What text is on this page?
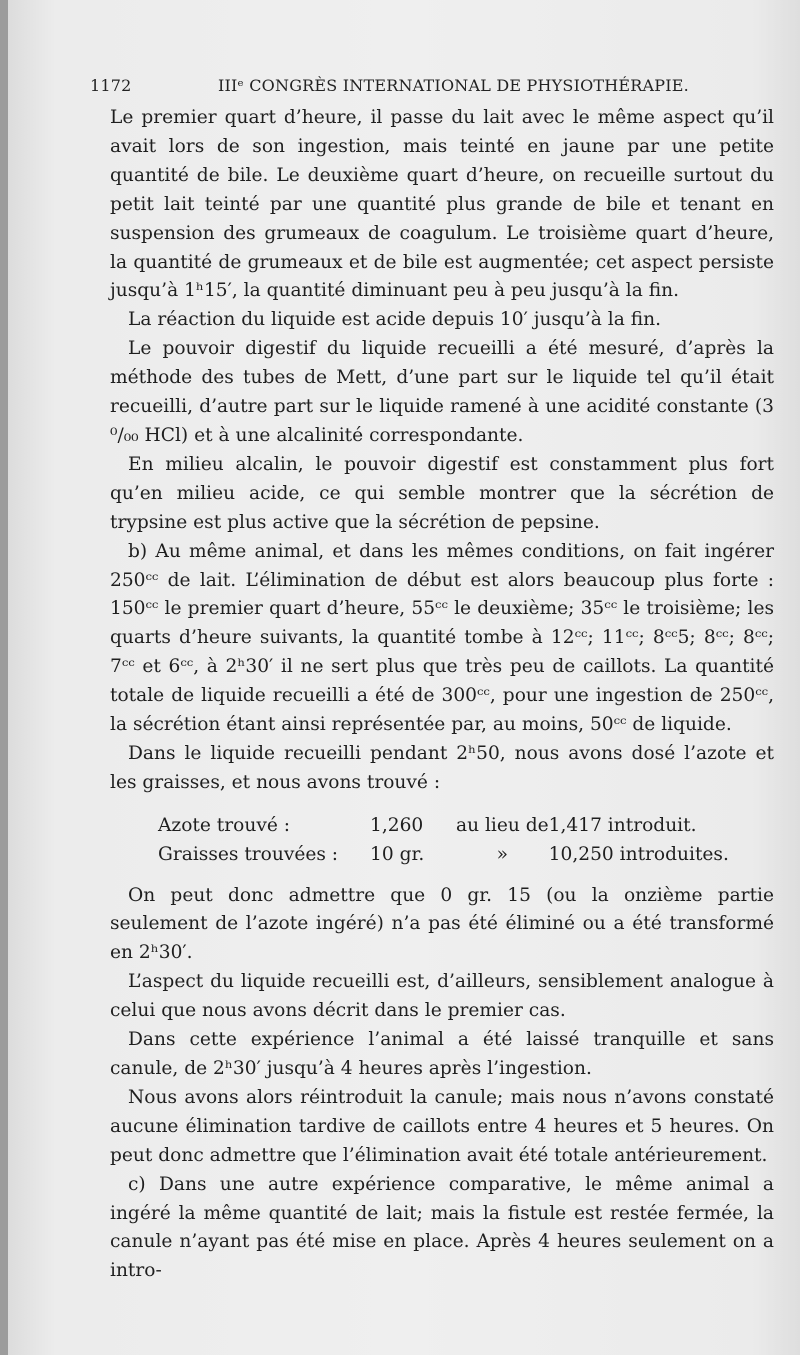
1172	IIIᵉ CONGRÈS INTERNATIONAL DE PHYSIOTHÉRAPIE.

Le premier quart d’heure, il passe du lait avec le même aspect qu’il avait lors de son ingestion, mais teinté en jaune par une petite quantité de bile. Le deuxième quart d’heure, on recueille surtout du petit lait teinté par une quantité plus grande de bile et tenant en suspension des grumeaux de coagulum. Le troisième quart d’heure, la quantité de grumeaux et de bile est augmentée; cet aspect persiste jusqu’à 1ʰ15′, la quantité diminuant peu à peu jusqu’à la fin.

La réaction du liquide est acide depuis 10′ jusqu’à la fin.

Le pouvoir digestif du liquide recueilli a été mesuré, d’après la méthode des tubes de Mett, d’une part sur le liquide tel qu’il était recueilli, d’autre part sur le liquide ramené à une acidité constante (3 ⁰/₀₀ HCl) et à une alcalinité correspondante.

En milieu alcalin, le pouvoir digestif est constamment plus fort qu’en milieu acide, ce qui semble montrer que la sécrétion de trypsine est plus active que la sécrétion de pepsine.

b) Au même animal, et dans les mêmes conditions, on fait ingérer 250ᶜᶜ de lait. L’élimination de début est alors beaucoup plus forte : 150ᶜᶜ le premier quart d’heure, 55ᶜᶜ le deuxième; 35ᶜᶜ le troisième; les quarts d’heure suivants, la quantité tombe à 12ᶜᶜ; 11ᶜᶜ; 8ᶜᶜ5; 8ᶜᶜ; 8ᶜᶜ; 7ᶜᶜ et 6ᶜᶜ, à 2ʰ30′ il ne sert plus que très peu de caillots. La quantité totale de liquide recueilli a été de 300ᶜᶜ, pour une ingestion de 250ᶜᶜ, la sécrétion étant ainsi représentée par, au moins, 50ᶜᶜ de liquide.

Dans le liquide recueilli pendant 2ʰ50, nous avons dosé l’azote et les graisses, et nous avons trouvé :

Azote trouvé :	1,260	au lieu de	1,417 introduit.
Graisses trouvées :	10 gr.	»	10,250 introduites.

On peut donc admettre que 0 gr. 15 (ou la onzième partie seulement de l’azote ingéré) n’a pas été éliminé ou a été transformé en 2ʰ30′.

L’aspect du liquide recueilli est, d’ailleurs, sensiblement analogue à celui que nous avons décrit dans le premier cas.

Dans cette expérience l’animal a été laissé tranquille et sans canule, de 2ʰ30′ jusqu’à 4 heures après l’ingestion.

Nous avons alors réintroduit la canule; mais nous n’avons constaté aucune élimination tardive de caillots entre 4 heures et 5 heures. On peut donc admettre que l’élimination avait été totale antérieurement.

c) Dans une autre expérience comparative, le même animal a ingéré la même quantité de lait; mais la fistule est restée fermée, la canule n’ayant pas été mise en place. Après 4 heures seulement on a intro-
